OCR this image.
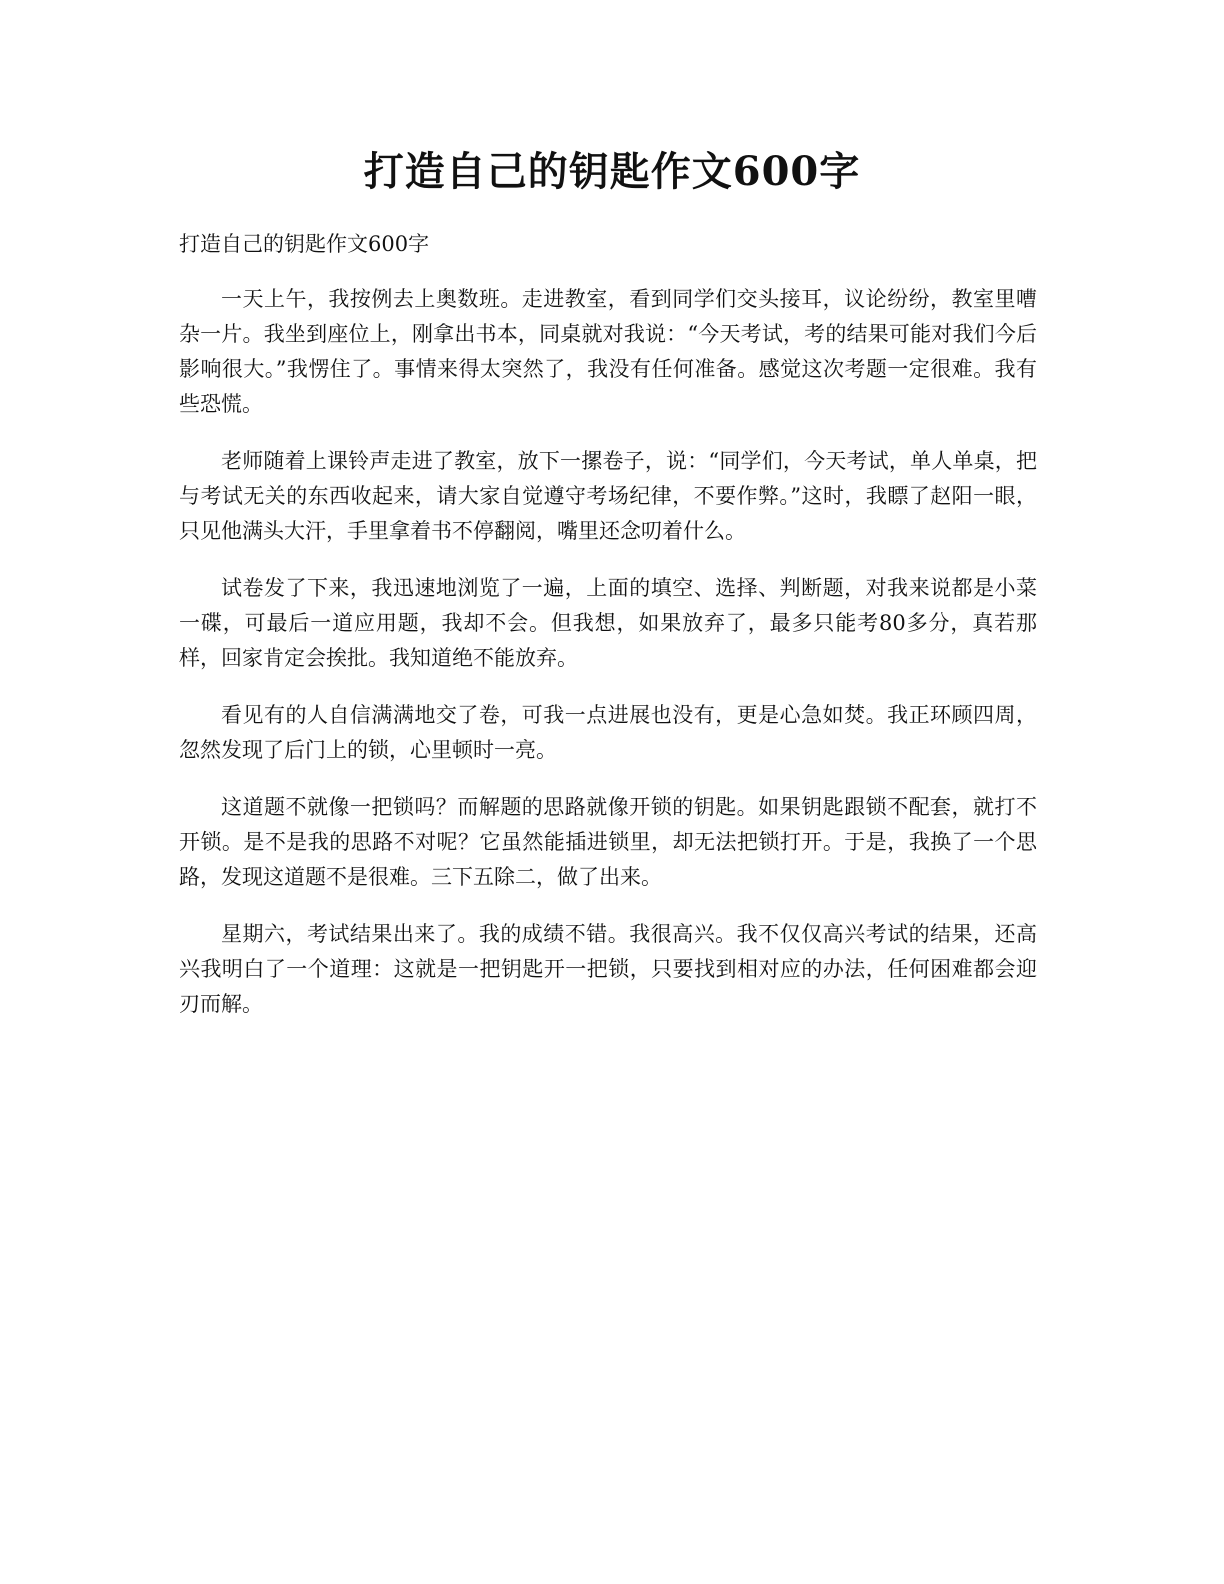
打造自己的钥匙作文600字

打造自己的钥匙作文600字

一天上午，我按例去上奥数班。走进教室，看到同学们交头接耳，议论纷纷，教室里嘈杂一片。我坐到座位上，刚拿出书本，同桌就对我说：“今天考试，考的结果可能对我们今后影响很大。”我愣住了。事情来得太突然了，我没有任何准备。感觉这次考题一定很难。我有些恐慌。

老师随着上课铃声走进了教室，放下一摞卷子，说：“同学们，今天考试，单人单桌，把与考试无关的东西收起来，请大家自觉遵守考场纪律，不要作弊。”这时，我瞟了赵阳一眼，只见他满头大汗，手里拿着书不停翻阅，嘴里还念叨着什么。

试卷发了下来，我迅速地浏览了一遍，上面的填空、选择、判断题，对我来说都是小菜一碟，可最后一道应用题，我却不会。但我想，如果放弃了，最多只能考80多分，真若那样，回家肯定会挨批。我知道绝不能放弃。

看见有的人自信满满地交了卷，可我一点进展也没有，更是心急如焚。我正环顾四周，忽然发现了后门上的锁，心里顿时一亮。

这道题不就像一把锁吗？而解题的思路就像开锁的钥匙。如果钥匙跟锁不配套，就打不开锁。是不是我的思路不对呢？它虽然能插进锁里，却无法把锁打开。于是，我换了一个思路，发现这道题不是很难。三下五除二，做了出来。

星期六，考试结果出来了。我的成绩不错。我很高兴。我不仅仅高兴考试的结果，还高兴我明白了一个道理：这就是一把钥匙开一把锁，只要找到相对应的办法，任何困难都会迎刃而解。
